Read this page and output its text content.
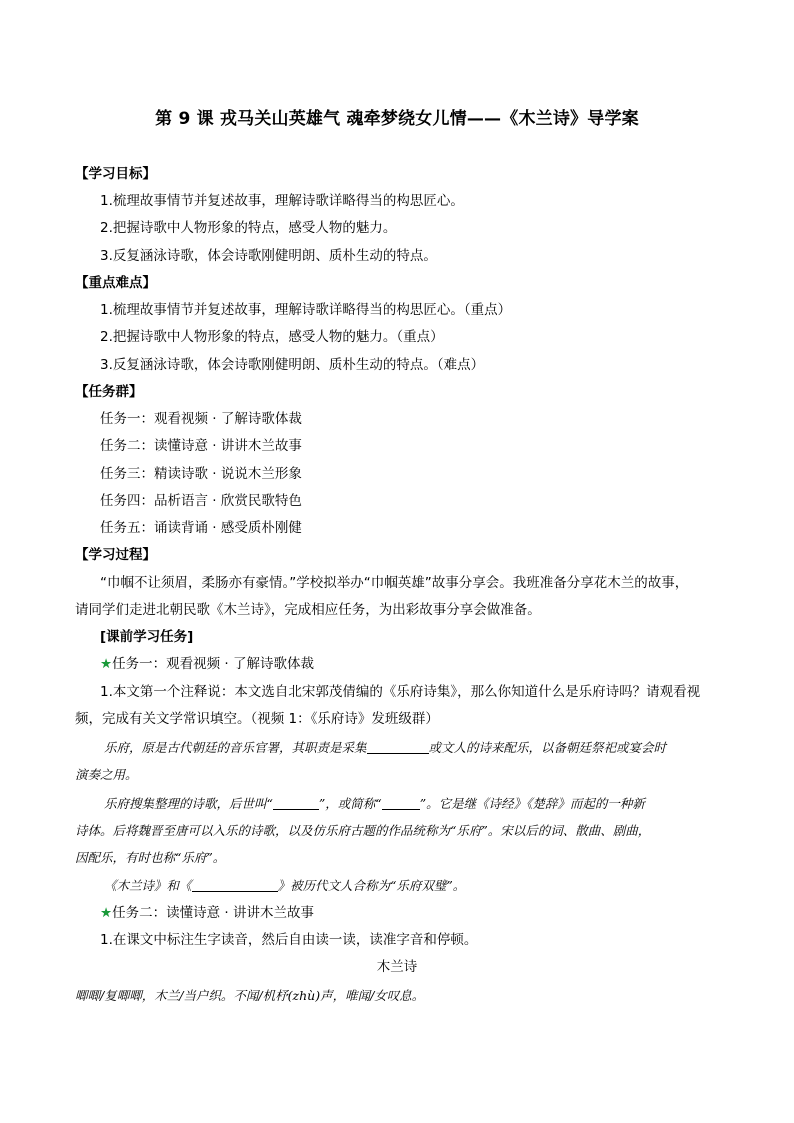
第 9 课 戎马关山英雄气 魂牵梦绕女儿情——《木兰诗》导学案
【学习目标】
1.梳理故事情节并复述故事，理解诗歌详略得当的构思匠心。
2.把握诗歌中人物形象的特点，感受人物的魅力。
3.反复涵泳诗歌，体会诗歌刚健明朗、质朴生动的特点。
【重点难点】
1.梳理故事情节并复述故事，理解诗歌详略得当的构思匠心。（重点）
2.把握诗歌中人物形象的特点，感受人物的魅力。（重点）
3.反复涵泳诗歌，体会诗歌刚健明朗、质朴生动的特点。（难点）
【任务群】
任务一：观看视频 · 了解诗歌体裁
任务二：读懂诗意 · 讲讲木兰故事
任务三：精读诗歌 · 说说木兰形象
任务四：品析语言 · 欣赏民歌特色
任务五：诵读背诵 · 感受质朴刚健
【学习过程】
“巾帼不让须眉，柔肠亦有豪情。”学校拟举办“巾帼英雄”故事分享会。我班准备分享花木兰的故事，
请同学们走进北朝民歌《木兰诗》，完成相应任务，为出彩故事分享会做准备。
[课前学习任务]
★任务一：观看视频 · 了解诗歌体裁
1.本文第一个注释说：本文选自北宋郭茂倩编的《乐府诗集》，那么你知道什么是乐府诗吗？请观看视
频，完成有关文学常识填空。（视频 1：《乐府诗》发班级群）
乐府，原是古代朝廷的音乐官署，其职责是采集	或文人的诗来配乐，以备朝廷祭祀或宴会时
演奏之用。
乐府搜集整理的诗歌，后世叫“	”，或简称“	”。它是继《诗经》《楚辞》而起的一种新
诗体。后将魏晋至唐可以入乐的诗歌，以及仿乐府古题的作品统称为“乐府”。宋以后的词、散曲、剧曲，
因配乐，有时也称“乐府”。
《木兰诗》和《	》被历代文人合称为“乐府双璧”。
★任务二：读懂诗意 · 讲讲木兰故事
1.在课文中标注生字读音，然后自由读一读，读准字音和停顿。
木兰诗
唧唧/复唧唧，木兰/当户织。不闻/机杼(zhù)声，唯闻/女叹息。
